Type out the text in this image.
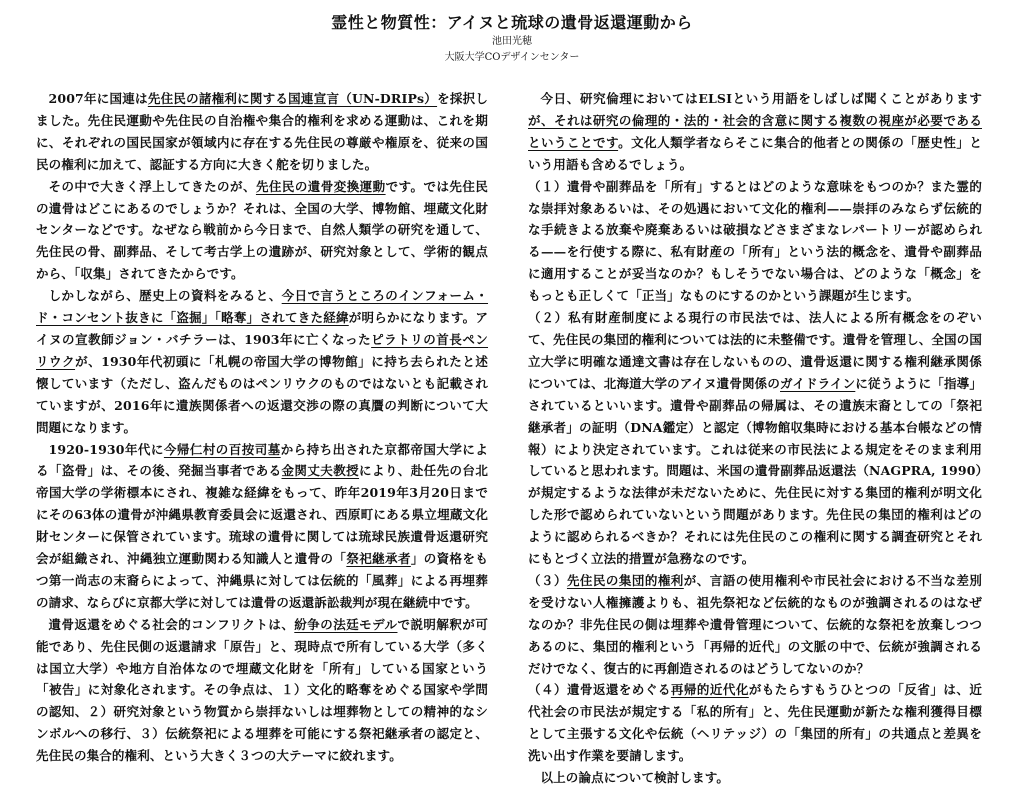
霊性と物質性：アイヌと琉球の遺骨返還運動から
池田光穂
大阪大学COデザインセンター

2007年に国連は先住民の諸権利に関する国連宣言（UN-DRIPs）を採択しました。先住民運動や先住民の自治権や集合的権利を求める運動は、これを期に、それぞれの国民国家が領域内に存在する先住民の尊厳や権原を、従来の国民の権利に加えて、認証する方向に大きく舵を切りました。

その中で大きく浮上してきたのが、先住民の遺骨変換運動です。では先住民の遺骨はどこにあるのでしょうか？それは、全国の大学、博物館、埋蔵文化財センターなどです。なぜなら戦前から今日まで、自然人類学の研究を通して、先住民の骨、副葬品、そして考古学上の遺跡が、研究対象として、学術的観点から、「収集」されてきたからです。

しかしながら、歴史上の資料をみると、今日で言うところのインフォーム・ド・コンセント抜きに「盗掘」「略奪」されてきた経緯が明らかになります。アイヌの宣教師ジョン・バチラーは、1903年に亡くなったピラトリの首長ペンリウクが、1930年代初頭に「札幌の帝国大学の博物館」に持ち去られたと述懐しています（ただし、盗んだものはペンリウクのものではないとも記載されていますが、2016年に遺族関係者への返還交渉の際の真贋の判断について大問題になります。

1920-1930年代に今帰仁村の百按司墓から持ち出された京都帝国大学による「盗骨」は、その後、発掘当事者である金関丈夫教授により、赴任先の台北帝国大学の学術標本にされ、複雑な経緯をもって、昨年2019年3月20日までにその63体の遺骨が沖縄県教育委員会に返還され、西原町にある県立埋蔵文化財センターに保管されています。琉球の遺骨に関しては琉球民族遺骨返還研究会が組織され、沖縄独立運動関わる知識人と遺骨の「祭祀継承者」の資格をもつ第一尚志の末裔らによって、沖縄県に対しては伝統的「風葬」による再埋葬の請求、ならびに京都大学に対しては遺骨の返還訴訟裁判が現在継続中です。

遺骨返還をめぐる社会的コンフリクトは、紛争の法廷モデルで説明解釈が可能であり、先住民側の返還請求「原告」と、現時点で所有している大学（多くは国立大学）や地方自治体なので埋蔵文化財を「所有」している国家という「被告」に対象化されます。その争点は、１）文化的略奪をめぐる国家や学問の認知、２）研究対象という物質から崇拝ないしは埋葬物としての精神的なシンボルへの移行、３）伝統祭祀による埋葬を可能にする祭祀継承者の認定と、先住民の集合的権利、という大きく３つの大テーマに絞れます。

今日、研究倫理においてはELSIという用語をしばしば聞くことがありますが、それは研究の倫理的・法的・社会的含意に関する複数の視座が必要であるということです。文化人類学者ならそこに集合的他者との関係の「歴史性」という用語も含めるでしょう。

（１）遺骨や副葬品を「所有」するとはどのような意味をもつのか？また霊的な崇拝対象あるいは、その処遇において文化的権利——崇拝のみならず伝統的な手続きよる放棄や廃棄あるいは破損などさまざまなレパートリーが認められる——を行使する際に、私有財産の「所有」という法的概念を、遺骨や副葬品に適用することが妥当なのか？もしそうでない場合は、どのような「概念」をもっとも正しくて「正当」なものにするのかという課題が生じます。

（２）私有財産制度による現行の市民法では、法人による所有概念をのぞいて、先住民の集団的権利については法的に未整備です。遺骨を管理し、全国の国立大学に明確な通達文書は存在しないものの、遺骨返還に関する権利継承関係については、北海道大学のアイヌ遺骨関係のガイドラインに従うように「指導」されているといいます。遺骨や副葬品の帰属は、その遺族末裔としての「祭祀継承者」の証明（DNA鑑定）と認定（博物館収集時における基本台帳などの情報）により決定されています。これは従来の市民法による規定をそのまま利用していると思われます。問題は、米国の遺骨副葬品返還法（NAGPRA, 1990）が規定するような法律が未だないために、先住民に対する集団的権利が明文化した形で認められていないという問題があります。先住民の集団的権利はどのように認められるべきか？それには先住民のこの権利に関する調査研究とそれにもとづく立法的措置が急務なのです。

（３）先住民の集団的権利が、言語の使用権利や市民社会における不当な差別を受けない人権擁護よりも、祖先祭祀など伝統的なものが強調されるのはなぜなのか？非先住民の側は埋葬や遺骨管理について、伝統的な祭祀を放棄しつつあるのに、集団的権利という「再帰的近代」の文脈の中で、伝統が強調されるだけでなく、復古的に再創造されるのはどうしてないのか？

（４）遺骨返還をめぐる再帰的近代化がもたらすもうひとつの「反省」は、近代社会の市民法が規定する「私的所有」と、先住民運動が新たな権利獲得目標として主張する文化や伝統（ヘリテッジ）の「集団的所有」の共通点と差異を洗い出す作業を要請します。

以上の論点について検討します。
